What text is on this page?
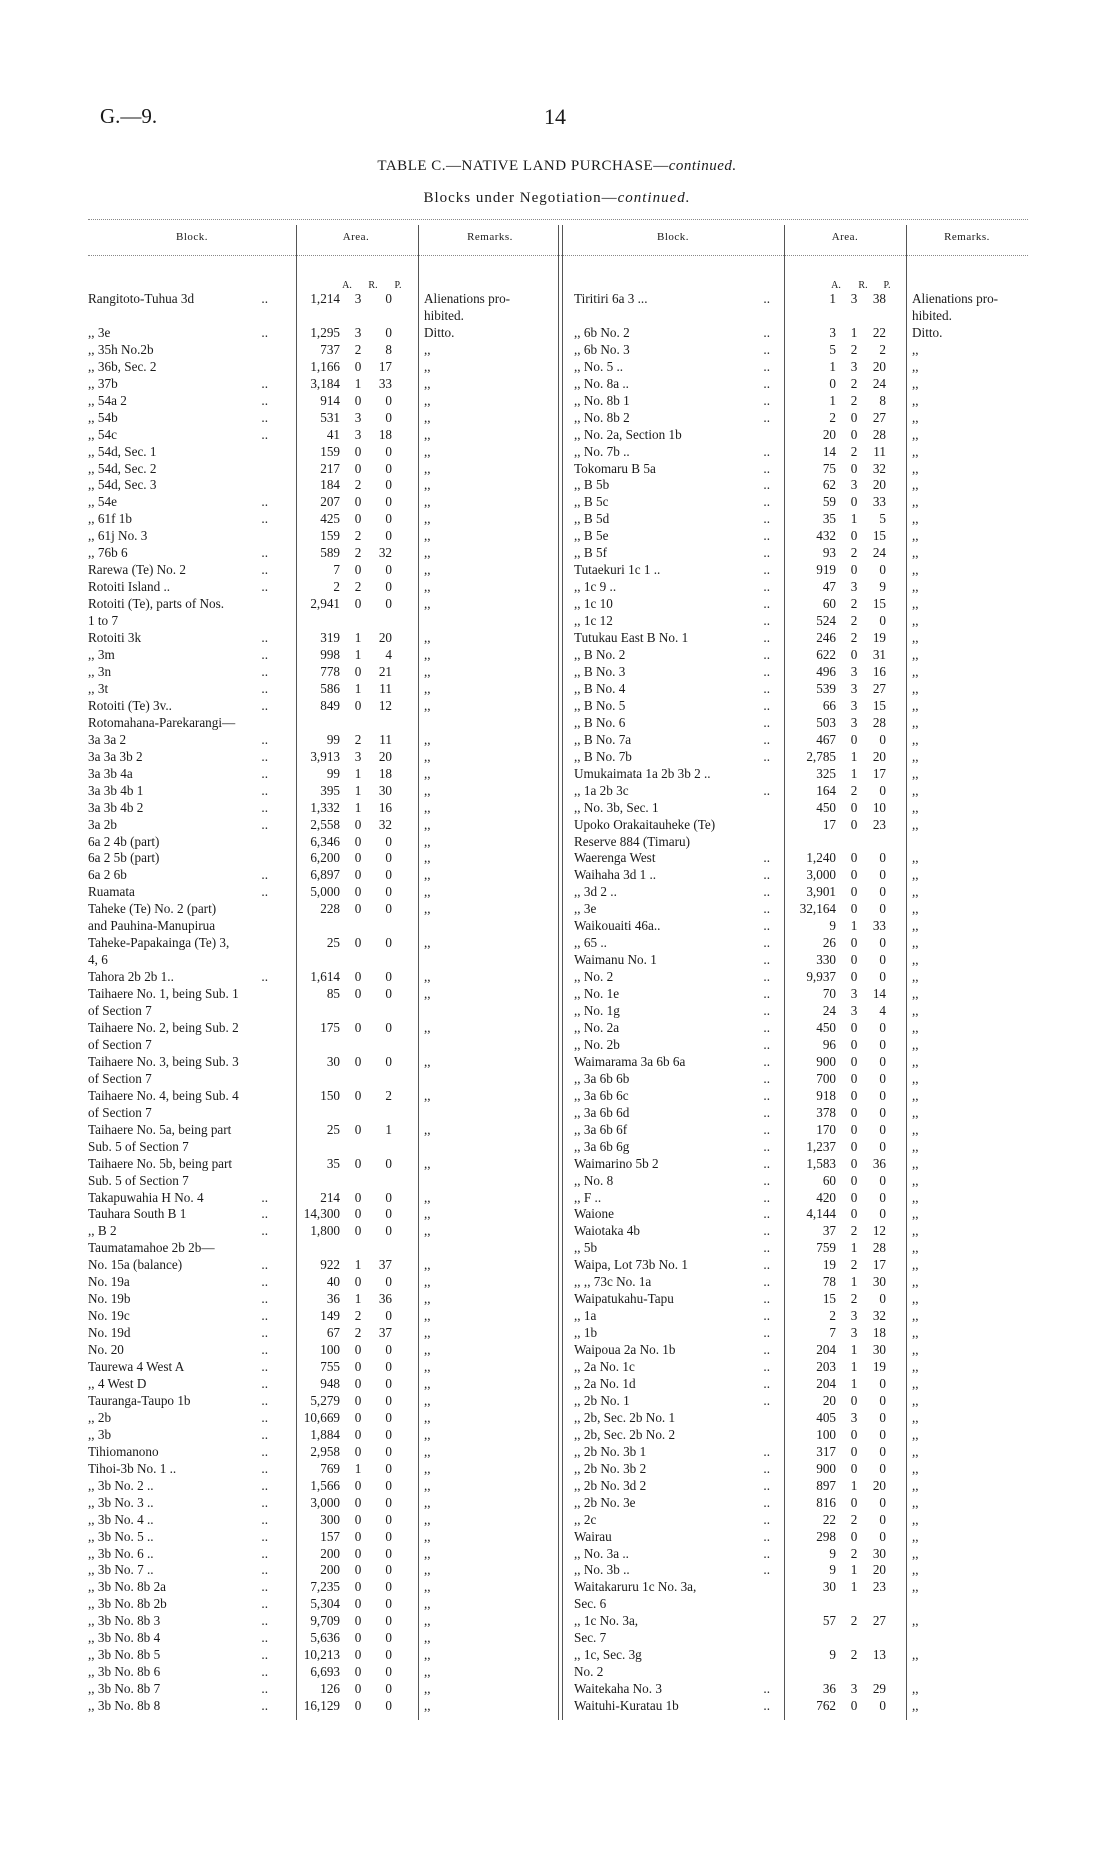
G.—9.	14
TABLE C.—NATIVE LAND PURCHASE—continued.
Blocks under Negotiation—continued.
Block.	Area.	Remarks.	Block.	Area.	Remarks.
A.	R.	P.	A.	R.	P.
Rangitoto-Tuhua 3d	..	1,214	3	0 Alienations pro-
hibited.
,, 3e	..	1,295	3	0 Ditto.
,, 35h No.2b	737	2	8 ,,
,, 36b, Sec. 2	1,166	0	17 ,,
,, 37b	..	3,184	1	33 ,,
,, 54a 2	..	914	0	0 ,,
,, 54b	..	531	3	0 ,,
,, 54c	..	41	3	18 ,,
,, 54d, Sec. 1	159	0	0 ,,
,, 54d, Sec. 2	217	0	0 ,,
,, 54d, Sec. 3	184	2	0 ,,
,, 54e	..	207	0	0 ,,
,, 61f 1b	..	425	0	0 ,,
,, 61j No. 3	159	2	0 ,,
,, 76b 6	..	589	2	32 ,,
Rarewa (Te) No. 2	..	7	0	0 ,,
Rotoiti Island ..	..	2	2	0 ,,
Rotoiti (Te), parts of Nos.	2,941	0	0 ,,
1 to 7
Rotoiti 3k	..	319	1	20 ,,
,, 3m	..	998	1	4 ,,
,, 3n	..	778	0	21 ,,
,, 3t	..	586	1	11 ,,
Rotoiti (Te) 3v..	..	849	0	12 ,,
Rotomahana-Parekarangi—
3a 3a 2	..	99	2	11 ,,
3a 3a 3b 2	..	3,913	3	20 ,,
3a 3b 4a	..	99	1	18 ,,
3a 3b 4b 1	..	395	1	30 ,,
3a 3b 4b 2	..	1,332	1	16 ,,
3a 2b	..	2,558	0	32 ,,
6a 2 4b (part)	6,346	0	0 ,,
6a 2 5b (part)	6,200	0	0 ,,
6a 2 6b	..	6,897	0	0 ,,
Ruamata	..	5,000	0	0 ,,
Taheke (Te) No. 2 (part)	228	0	0 ,,
and Pauhina-Manupirua
Taheke-Papakainga (Te) 3,	25	0	0 ,,
4, 6
Tahora 2b 2b 1..	..	1,614	0	0 ,,
Taihaere No. 1, being Sub. 1	85	0	0 ,,
of Section 7
Taihaere No. 2, being Sub. 2	175	0	0 ,,
of Section 7
Taihaere No. 3, being Sub. 3	30	0	0 ,,
of Section 7
Taihaere No. 4, being Sub. 4	150	0	2 ,,
of Section 7
Taihaere No. 5a, being part	25	0	1 ,,
Sub. 5 of Section 7
Taihaere No. 5b, being part	35	0	0 ,,
Sub. 5 of Section 7
Takapuwahia H No. 4	..	214	0	0 ,,
Tauhara South B 1	..	14,300	0	0 ,,
,, B 2	..	1,800	0	0 ,,
Taumatamahoe 2b 2b—
No. 15a (balance)	..	922	1	37 ,,
No. 19a	..	40	0	0 ,,
No. 19b	..	36	1	36 ,,
No. 19c	..	149	2	0 ,,
No. 19d	..	67	2	37 ,,
No. 20	..	100	0	0 ,,
Taurewa 4 West A	..	755	0	0 ,,
,, 4 West D	..	948	0	0 ,,
Tauranga-Taupo 1b	..	5,279	0	0 ,,
,, 2b	..	10,669	0	0 ,,
,, 3b	..	1,884	0	0 ,,
Tihiomanono	..	2,958	0	0 ,,
Tihoi-3b No. 1 ..	..	769	1	0 ,,
,, 3b No. 2 ..	..	1,566	0	0 ,,
,, 3b No. 3 ..	..	3,000	0	0 ,,
,, 3b No. 4 ..	..	300	0	0 ,,
,, 3b No. 5 ..	..	157	0	0 ,,
,, 3b No. 6 ..	..	200	0	0 ,,
,, 3b No. 7 ..	..	200	0	0 ,,
,, 3b No. 8b 2a	..	7,235	0	0 ,,
,, 3b No. 8b 2b	..	5,304	0	0 ,,
,, 3b No. 8b 3	..	9,709	0	0 ,,
,, 3b No. 8b 4	..	5,636	0	0 ,,
,, 3b No. 8b 5	..	10,213	0	0 ,,
,, 3b No. 8b 6	..	6,693	0	0 ,,
,, 3b No. 8b 7	..	126	0	0 ,,
,, 3b No. 8b 8	..	16,129	0	0 ,,
Tiritiri 6a 3 ...	..	1	3	38 Alienations pro-
hibited.
,, 6b No. 2	..	3	1	22 Ditto.
,, 6b No. 3	..	5	2	2 ,,
,, No. 5 ..	..	1	3	20 ,,
,, No. 8a ..	..	0	2	24 ,,
,, No. 8b 1	..	1	2	8 ,,
,, No. 8b 2	..	2	0	27 ,,
,, No. 2a, Section 1b	20	0	28 ,,
,, No. 7b ..	..	14	2	11 ,,
Tokomaru B 5a	..	75	0	32 ,,
,, B 5b	..	62	3	20 ,,
,, B 5c	..	59	0	33 ,,
,, B 5d	..	35	1	5 ,,
,, B 5e	..	432	0	15 ,,
,, B 5f	..	93	2	24 ,,
Tutaekuri 1c 1 ..	..	919	0	0 ,,
,, 1c 9 ..	..	47	3	9 ,,
,, 1c 10	..	60	2	15 ,,
,, 1c 12	..	524	2	0 ,,
Tutukau East B No. 1	..	246	2	19 ,,
,, B No. 2	..	622	0	31 ,,
,, B No. 3	..	496	3	16 ,,
,, B No. 4	..	539	3	27 ,,
,, B No. 5	..	66	3	15 ,,
,, B No. 6	..	503	3	28 ,,
,, B No. 7a	..	467	0	0 ,,
,, B No. 7b	..	2,785	1	20 ,,
Umukaimata 1a 2b 3b 2 ..	325	1	17 ,,
,, 1a 2b 3c	..	164	2	0 ,,
,, No. 3b, Sec. 1	450	0	10 ,,
Upoko Orakaitauheke (Te)	17	0	23 ,,
Reserve 884 (Timaru)
Waerenga West	..	1,240	0	0 ,,
Waihaha 3d 1 ..	..	3,000	0	0 ,,
,, 3d 2 ..	..	3,901	0	0 ,,
,, 3e	..	32,164	0	0 ,,
Waikouaiti 46a..	..	9	1	33 ,,
,, 65 ..	..	26	0	0 ,,
Waimanu No. 1	..	330	0	0 ,,
,, No. 2	..	9,937	0	0 ,,
,, No. 1e	..	70	3	14 ,,
,, No. 1g	..	24	3	4 ,,
,, No. 2a	..	450	0	0 ,,
,, No. 2b	..	96	0	0 ,,
Waimarama 3a 6b 6a	..	900	0	0 ,,
,, 3a 6b 6b	..	700	0	0 ,,
,, 3a 6b 6c	..	918	0	0 ,,
,, 3a 6b 6d	..	378	0	0 ,,
,, 3a 6b 6f	..	170	0	0 ,,
,, 3a 6b 6g	..	1,237	0	0 ,,
Waimarino 5b 2	..	1,583	0	36 ,,
,, No. 8	..	60	0	0 ,,
,, F ..	..	420	0	0 ,,
Waione	..	4,144	0	0 ,,
Waiotaka 4b	..	37	2	12 ,,
,, 5b	..	759	1	28 ,,
Waipa, Lot 73b No. 1	..	19	2	17 ,,
,, ,, 73c No. 1a	..	78	1	30 ,,
Waipatukahu-Tapu	..	15	2	0 ,,
,, 1a	..	2	3	32 ,,
,, 1b	..	7	3	18 ,,
Waipoua 2a No. 1b	..	204	1	30 ,,
,, 2a No. 1c	..	203	1	19 ,,
,, 2a No. 1d	..	204	1	0 ,,
,, 2b No. 1	..	20	0	0 ,,
,, 2b, Sec. 2b No. 1	405	3	0 ,,
,, 2b, Sec. 2b No. 2	100	0	0 ,,
,, 2b No. 3b 1	..	317	0	0 ,,
,, 2b No. 3b 2	..	900	0	0 ,,
,, 2b No. 3d 2	..	897	1	20 ,,
,, 2b No. 3e	..	816	0	0 ,,
,, 2c	..	22	2	0 ,,
Wairau	..	298	0	0 ,,
,, No. 3a ..	..	9	2	30 ,,
,, No. 3b ..	..	9	1	20 ,,
Waitakaruru 1c No. 3a,	30	1	23 ,,
Sec. 6
,, 1c No. 3a,	57	2	27 ,,
Sec. 7
,, 1c, Sec. 3g	9	2	13 ,,
No. 2
Waitekaha No. 3	..	36	3	29 ,,
Waituhi-Kuratau 1b	..	762	0	0 ,,
